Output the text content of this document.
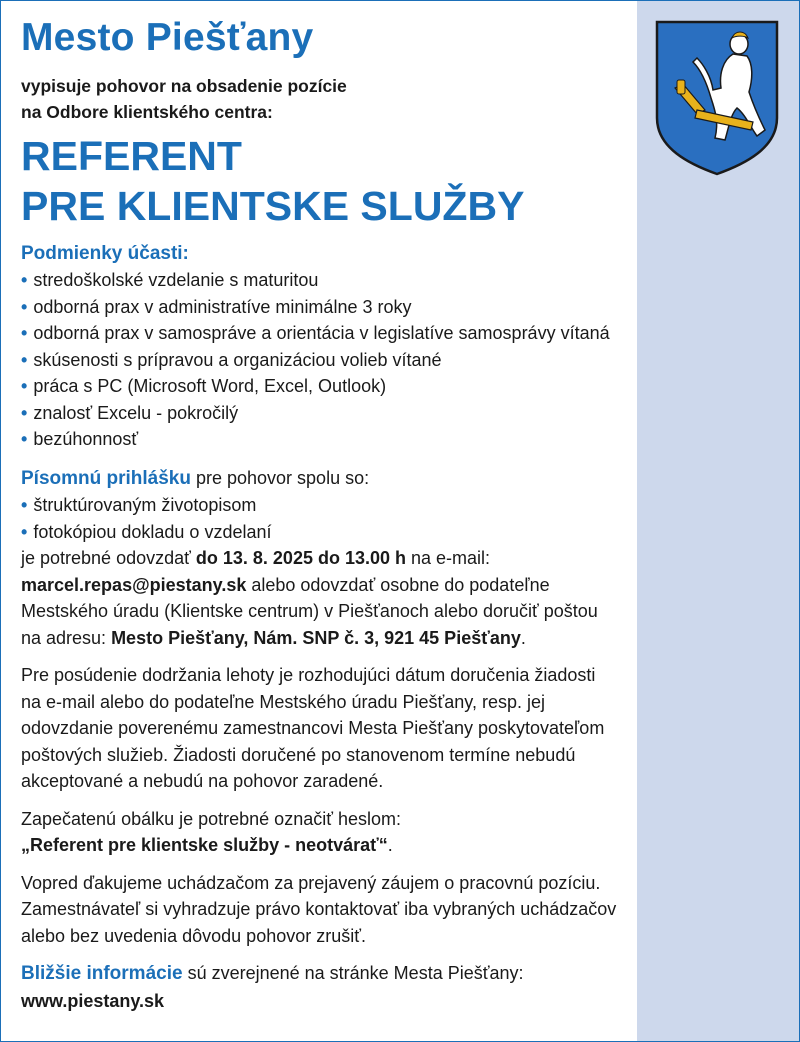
Mesto Piešťany
vypisuje pohovor na obsadenie pozície
na Odbore klientského centra:
REFERENT
PRE KLIENTSKE SLUŽBY
Podmienky účasti:
• stredoškolské vzdelanie s maturitou
• odborná prax v administratíve minimálne 3 roky
• odborná prax v samospráve a orientácia v legislatíve samosprávy vítaná
• skúsenosti s prípravou a organizáciou volieb vítané
• práca s PC (Microsoft Word, Excel, Outlook)
• znalosť Excelu - pokročilý
• bezúhonnosť
Písomnú prihlášku pre pohovor spolu so:
• štruktúrovaným životopisom
• fotokópiou dokladu o vzdelaní
je potrebné odovzdať do 13. 8. 2025 do 13.00 h na e-mail:
marcel.repas@piestany.sk alebo odovzdať osobne do podateľne
Mestského úradu (Klientske centrum) v Piešťanoch alebo doručiť poštou
na adresu: Mesto Piešťany, Nám. SNP č. 3, 921 45 Piešťany.
Pre posúdenie dodržania lehoty je rozhodujúci dátum doručenia žiadosti
na e-mail alebo do podateľne Mestského úradu Piešťany, resp. jej
odovzdanie poverenému zamestnancovi Mesta Piešťany poskytovateľom
poštových služieb. Žiadosti doručené po stanovenom termíne nebudú
akceptované a nebudú na pohovor zaradené.
Zapečatenú obálku je potrebné označiť heslom:
„Referent pre klientske služby - neotvárať“.
Vopred ďakujeme uchádzačom za prejavený záujem o pracovnú pozíciu.
Zamestnávateľ si vyhradzuje právo kontaktovať iba vybraných uchádzačov
alebo bez uvedenia dôvodu pohovor zrušiť.
Bližšie informácie sú zverejnené na stránke Mesta Piešťany:
www.piestany.sk
